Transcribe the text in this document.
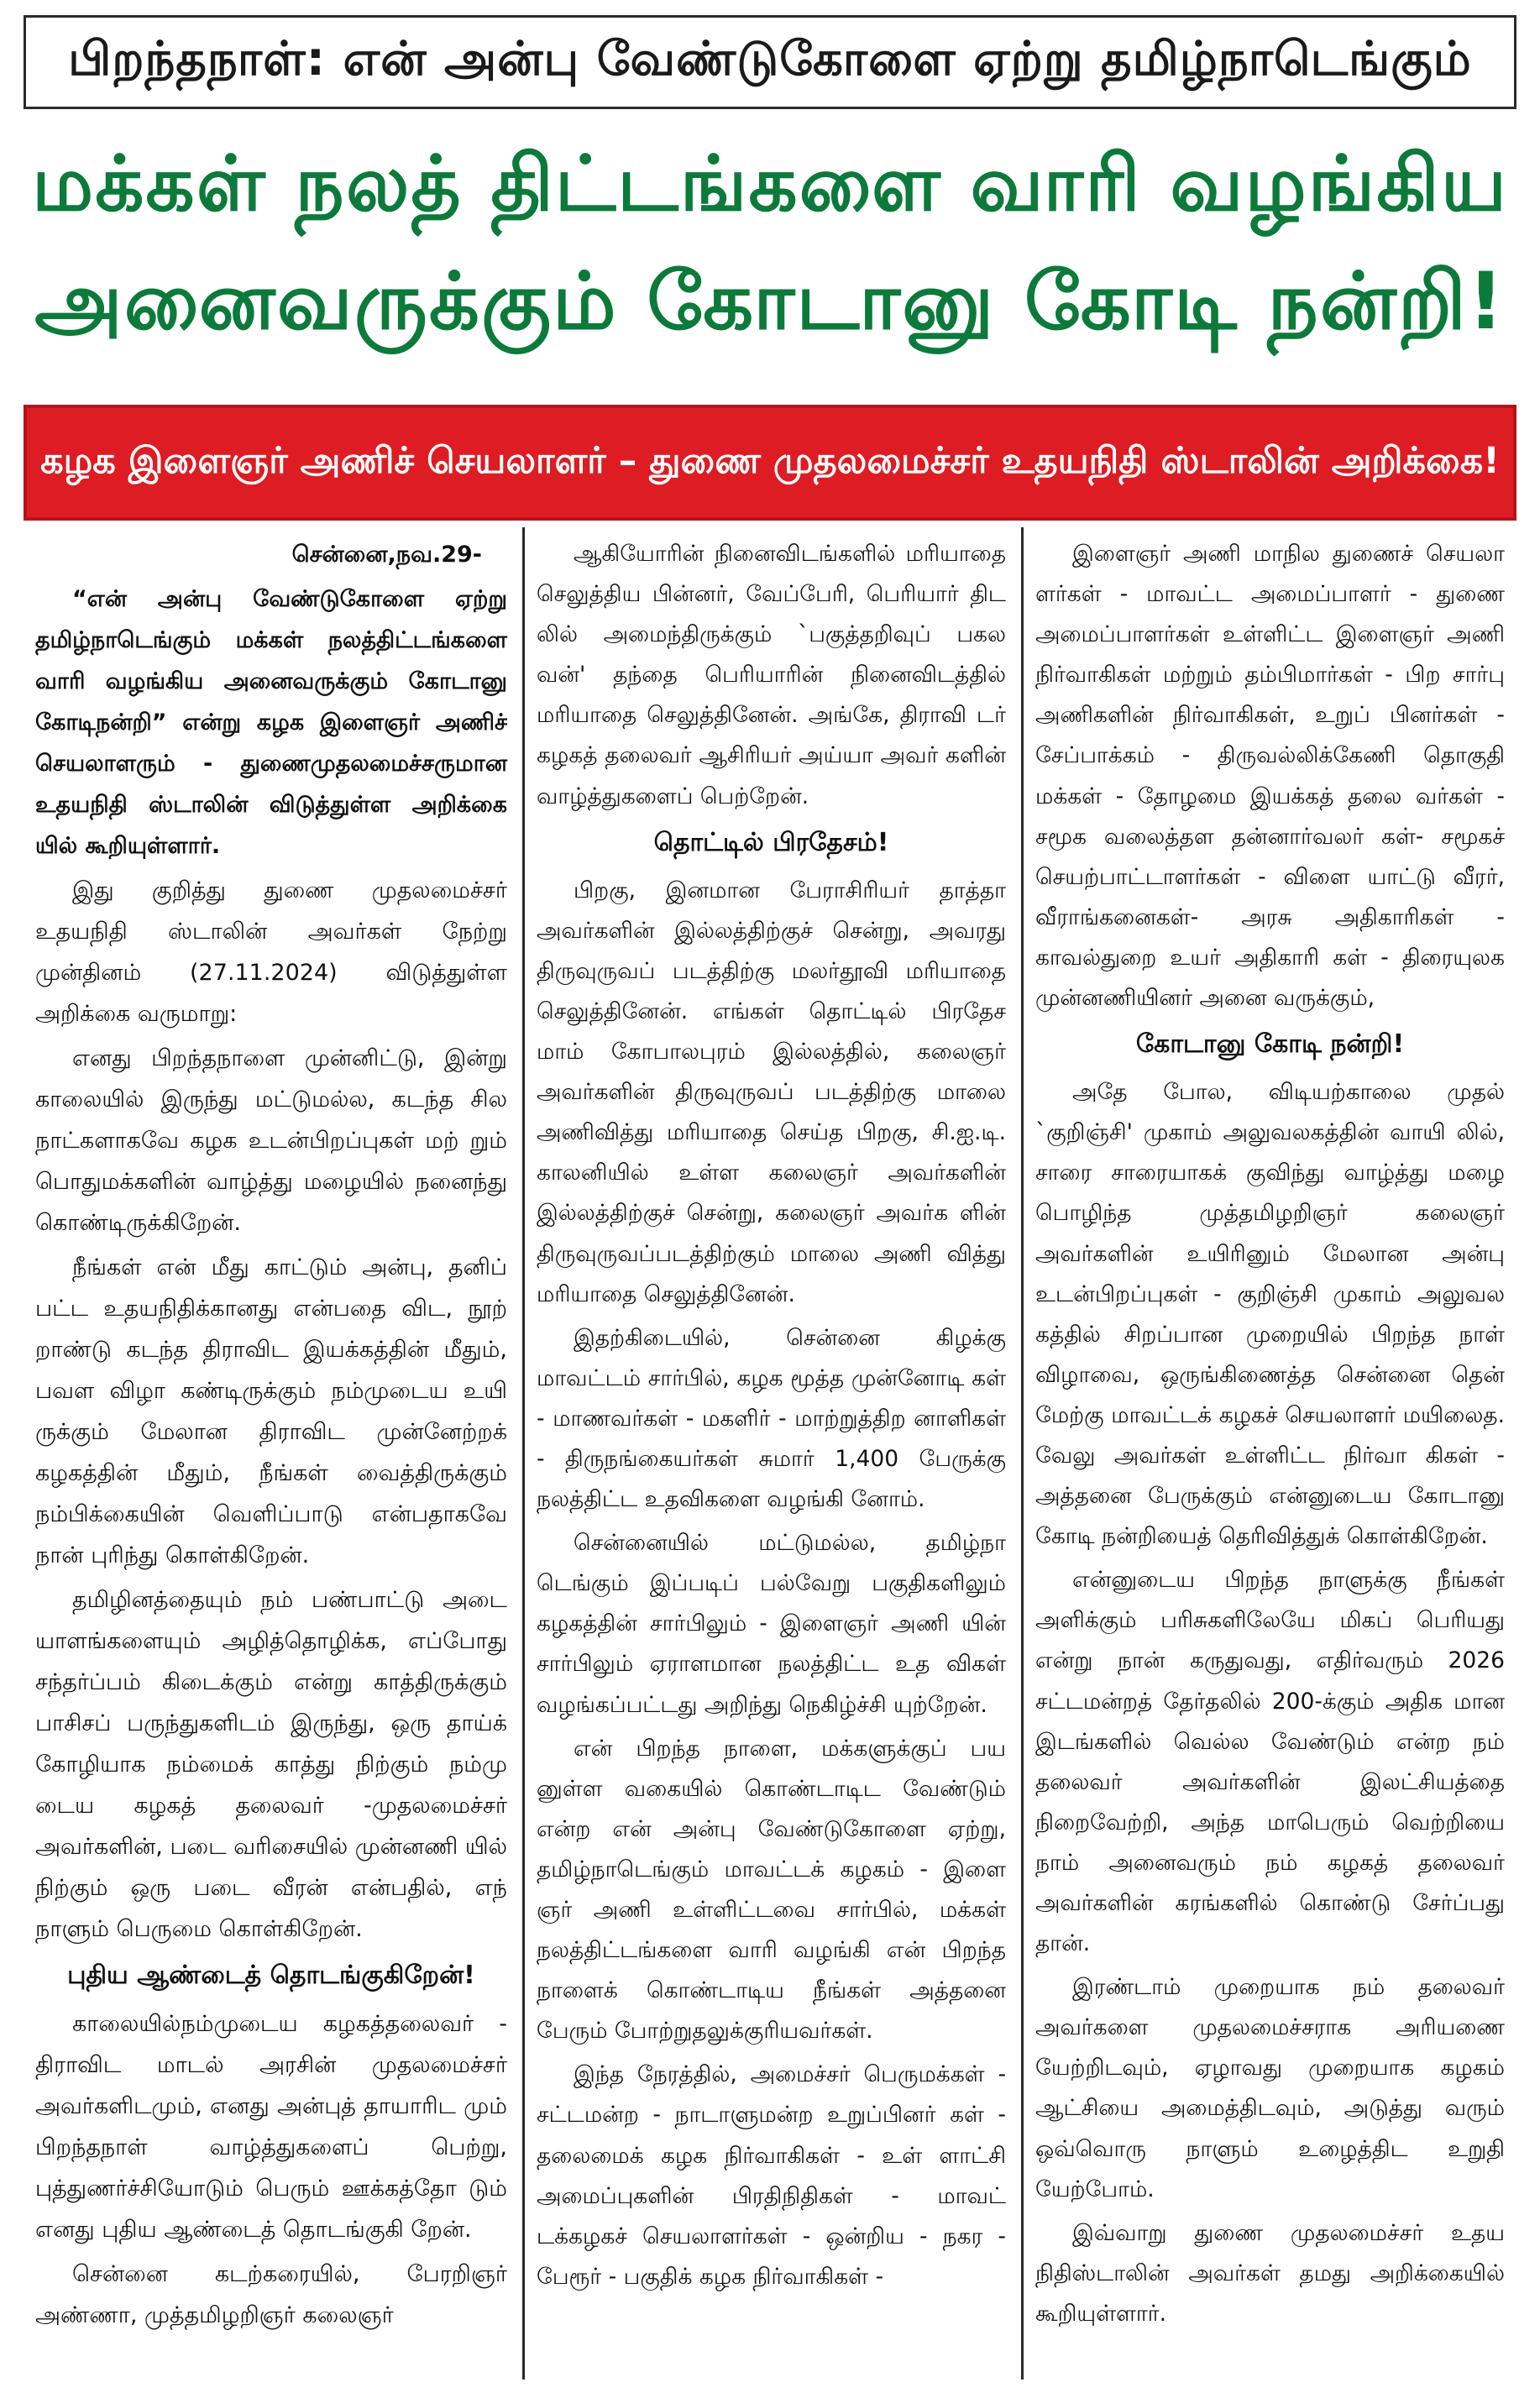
பிறந்தநாள்: என் அன்பு வேண்டுகோளை ஏற்று தமிழ்நாடெங்கும்
மக்கள் நலத் திட்டங்களை வாரி வழங்கிய
அனைவருக்கும் கோடானு கோடி நன்றி!
கழக இளைஞர் அணிச் செயலாளர் – துணை முதலமைச்சர் உதயநிதி ஸ்டாலின் அறிக்கை!

சென்னை,நவ.29-

“என் அன்பு வேண்டுகோளை ஏற்று தமிழ்நாடெங்கும் மக்கள் நலத்திட்டங்களை வாரி வழங்கிய அனைவருக்கும் கோடானு கோடிநன்றி” என்று கழக இளைஞர் அணிச் செயலாளரும் - துணைமுதலமைச்சருமான உதயநிதி ஸ்டாலின் விடுத்துள்ள அறிக்கை யில் கூறியுள்ளார்.

இது குறித்து துணை முதலமைச்சர் உதயநிதி ஸ்டாலின் அவர்கள் நேற்று முன்தினம் (27.11.2024) விடுத்துள்ள அறிக்கை வருமாறு:

எனது பிறந்தநாளை முன்னிட்டு, இன்று காலையில் இருந்து மட்டுமல்ல, கடந்த சில நாட்களாகவே கழக உடன்பிறப்புகள் மற் றும் பொதுமக்களின் வாழ்த்து மழையில் நனைந்து கொண்டிருக்கிறேன்.

நீங்கள் என் மீது காட்டும் அன்பு, தனிப் பட்ட உதயநிதிக்கானது என்பதை விட, நூற் றாண்டு கடந்த திராவிட இயக்கத்தின் மீதும், பவள விழா கண்டிருக்கும் நம்முடைய உயி ருக்கும் மேலான திராவிட முன்னேற்றக் கழகத்தின் மீதும், நீங்கள் வைத்திருக்கும் நம்பிக்கையின் வெளிப்பாடு என்பதாகவே நான் புரிந்து கொள்கிறேன்.

தமிழினத்தையும் நம் பண்பாட்டு அடை யாளங்களையும் அழித்தொழிக்க, எப்போது சந்தர்ப்பம் கிடைக்கும் என்று காத்திருக்கும் பாசிசப் பருந்துகளிடம் இருந்து, ஒரு தாய்க் கோழியாக நம்மைக் காத்து நிற்கும் நம்மு டைய கழகத் தலைவர் -முதலமைச்சர் அவர்களின், படை வரிசையில் முன்னணி யில் நிற்கும் ஒரு படை வீரன் என்பதில், எந் நாளும் பெருமை கொள்கிறேன்.

புதிய ஆண்டைத் தொடங்குகிறேன்!

காலையில்நம்முடைய கழகத்தலைவர் - திராவிட மாடல் அரசின் முதலமைச்சர் அவர்களிடமும், எனது அன்புத் தாயாரிட மும் பிறந்தநாள் வாழ்த்துகளைப் பெற்று, புத்துணர்ச்சியோடும் பெரும் ஊக்கத்தோ டும் எனது புதிய ஆண்டைத் தொடங்குகி றேன்.

சென்னை கடற்கரையில், பேரறிஞர் அண்ணா, முத்தமிழறிஞர் கலைஞர்

ஆகியோரின் நினைவிடங்களில் மரியாதை செலுத்திய பின்னர், வேப்பேரி, பெரியார் திட லில் அமைந்திருக்கும் `பகுத்தறிவுப் பகல வன்' தந்தை பெரியாரின் நினைவிடத்தில் மரியாதை செலுத்தினேன். அங்கே, திராவி டர் கழகத் தலைவர் ஆசிரியர் அய்யா அவர் களின் வாழ்த்துகளைப் பெற்றேன்.

தொட்டில் பிரதேசம்!

பிறகு, இனமான பேராசிரியர் தாத்தா அவர்களின் இல்லத்திற்குச் சென்று, அவரது திருவுருவப் படத்திற்கு மலர்தூவி மரியாதை செலுத்தினேன். எங்கள் தொட்டில் பிரதேச மாம் கோபாலபுரம் இல்லத்தில், கலைஞர் அவர்களின் திருவுருவப் படத்திற்கு மாலை அணிவித்து மரியாதை செய்த பிறகு, சி.ஐ.டி. காலனியில் உள்ள கலைஞர் அவர்களின் இல்லத்திற்குச் சென்று, கலைஞர் அவர்க ளின் திருவுருவப்படத்திற்கும் மாலை அணி வித்து மரியாதை செலுத்தினேன்.

இதற்கிடையில், சென்னை கிழக்கு மாவட்டம் சார்பில், கழக மூத்த முன்னோடி கள் - மாணவர்கள் - மகளிர் - மாற்றுத்திற னாளிகள் - திருநங்கையர்கள் சுமார் 1,400 பேருக்கு நலத்திட்ட உதவிகளை வழங்கி னோம்.

சென்னையில் மட்டுமல்ல, தமிழ்நா டெங்கும் இப்படிப் பல்வேறு பகுதிகளிலும் கழகத்தின் சார்பிலும் - இளைஞர் அணி யின் சார்பிலும் ஏராளமான நலத்திட்ட உத விகள் வழங்கப்பட்டது அறிந்து நெகிழ்ச்சி யுற்றேன்.

என் பிறந்த நாளை, மக்களுக்குப் பய னுள்ள வகையில் கொண்டாடிட வேண்டும் என்ற என் அன்பு வேண்டுகோளை ஏற்று, தமிழ்நாடெங்கும் மாவட்டக் கழகம் - இளை ஞர் அணி உள்ளிட்டவை சார்பில், மக்கள் நலத்திட்டங்களை வாரி வழங்கி என் பிறந்த நாளைக் கொண்டாடிய நீங்கள் அத்தனை பேரும் போற்றுதலுக்குரியவர்கள்.

இந்த நேரத்தில், அமைச்சர் பெருமக்கள் - சட்டமன்ற - நாடாளுமன்ற உறுப்பினர் கள் - தலைமைக் கழக நிர்வாகிகள் - உள் ளாட்சி அமைப்புகளின் பிரதிநிதிகள் - மாவட் டக்கழகச் செயலாளர்கள் - ஒன்றிய - நகர - பேரூர் - பகுதிக் கழக நிர்வாகிகள் -

இளைஞர் அணி மாநில துணைச் செயலா ளர்கள் - மாவட்ட அமைப்பாளர் - துணை அமைப்பாளர்கள் உள்ளிட்ட இளைஞர் அணி நிர்வாகிகள் மற்றும் தம்பிமார்கள் - பிற சார்பு அணிகளின் நிர்வாகிகள், உறுப் பினர்கள் - சேப்பாக்கம் - திருவல்லிக்கேணி தொகுதி மக்கள் - தோழமை இயக்கத் தலை வர்கள் - சமூக வலைத்தள தன்னார்வலர் கள்- சமூகச் செயற்பாட்டாளர்கள் - விளை யாட்டு வீரர், வீராங்கனைகள்- அரசு அதிகாரிகள் - காவல்துறை உயர் அதிகாரி கள் - திரையுலக முன்னணியினர் அனை வருக்கும்,

கோடானு கோடி நன்றி!

அதே போல, விடியற்காலை முதல் `குறிஞ்சி' முகாம் அலுவலகத்தின் வாயி லில், சாரை சாரையாகக் குவிந்து வாழ்த்து மழை பொழிந்த முத்தமிழறிஞர் கலைஞர் அவர்களின் உயிரினும் மேலான அன்பு உடன்பிறப்புகள் - குறிஞ்சி முகாம் அலுவல கத்தில் சிறப்பான முறையில் பிறந்த நாள் விழாவை, ஒருங்கிணைத்த சென்னை தென் மேற்கு மாவட்டக் கழகச் செயலாளர் மயிலைத. வேலு அவர்கள் உள்ளிட்ட நிர்வா கிகள் - அத்தனை பேருக்கும் என்னுடைய கோடானு கோடி நன்றியைத் தெரிவித்துக் கொள்கிறேன்.

என்னுடைய பிறந்த நாளுக்கு நீங்கள் அளிக்கும் பரிசுகளிலேயே மிகப் பெரியது என்று நான் கருதுவது, எதிர்வரும் 2026 சட்டமன்றத் தேர்தலில் 200-க்கும் அதிக மான இடங்களில் வெல்ல வேண்டும் என்ற நம் தலைவர் அவர்களின் இலட்சியத்தை நிறைவேற்றி, அந்த மாபெரும் வெற்றியை நாம் அனைவரும் நம் கழகத் தலைவர் அவர்களின் கரங்களில் கொண்டு சேர்ப்பது தான்.

இரண்டாம் முறையாக நம் தலைவர் அவர்களை முதலமைச்சராக அரியணை யேற்றிடவும், ஏழாவது முறையாக கழகம் ஆட்சியை அமைத்திடவும், அடுத்து வரும் ஒவ்வொரு நாளும் உழைத்திட உறுதி யேற்போம்.

இவ்வாறு துணை முதலமைச்சர் உதய நிதிஸ்டாலின் அவர்கள் தமது அறிக்கையில் கூறியுள்ளார்.
